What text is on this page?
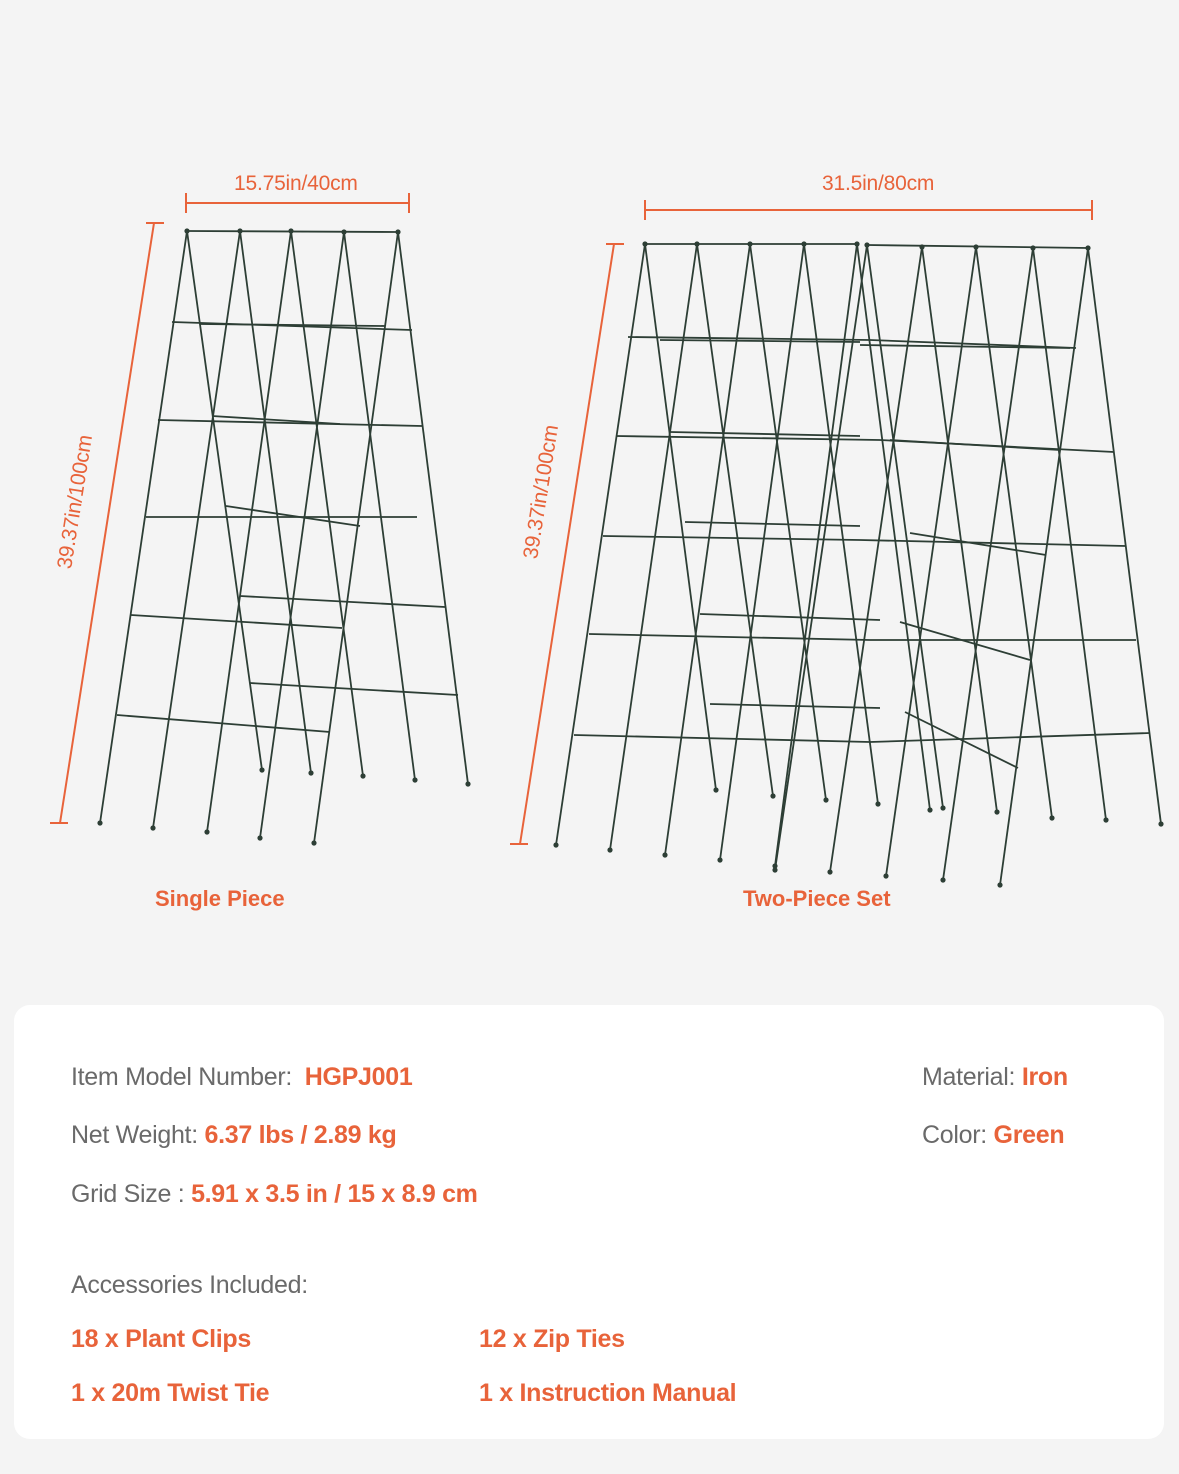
15.75in/40cm
39.37in/100cm
31.5in/80cm
39.37in/100cm
Single Piece	Two-Piece Set
Item Model Number: HGPJ001
Net Weight: 6.37 lbs / 2.89 kg
Grid Size : 5.91 x 3.5 in / 15 x 8.9 cm
Material: Iron
Color: Green
Accessories Included:
18 x Plant Clips	12 x Zip Ties
1 x 20m Twist Tie	1 x Instruction Manual
